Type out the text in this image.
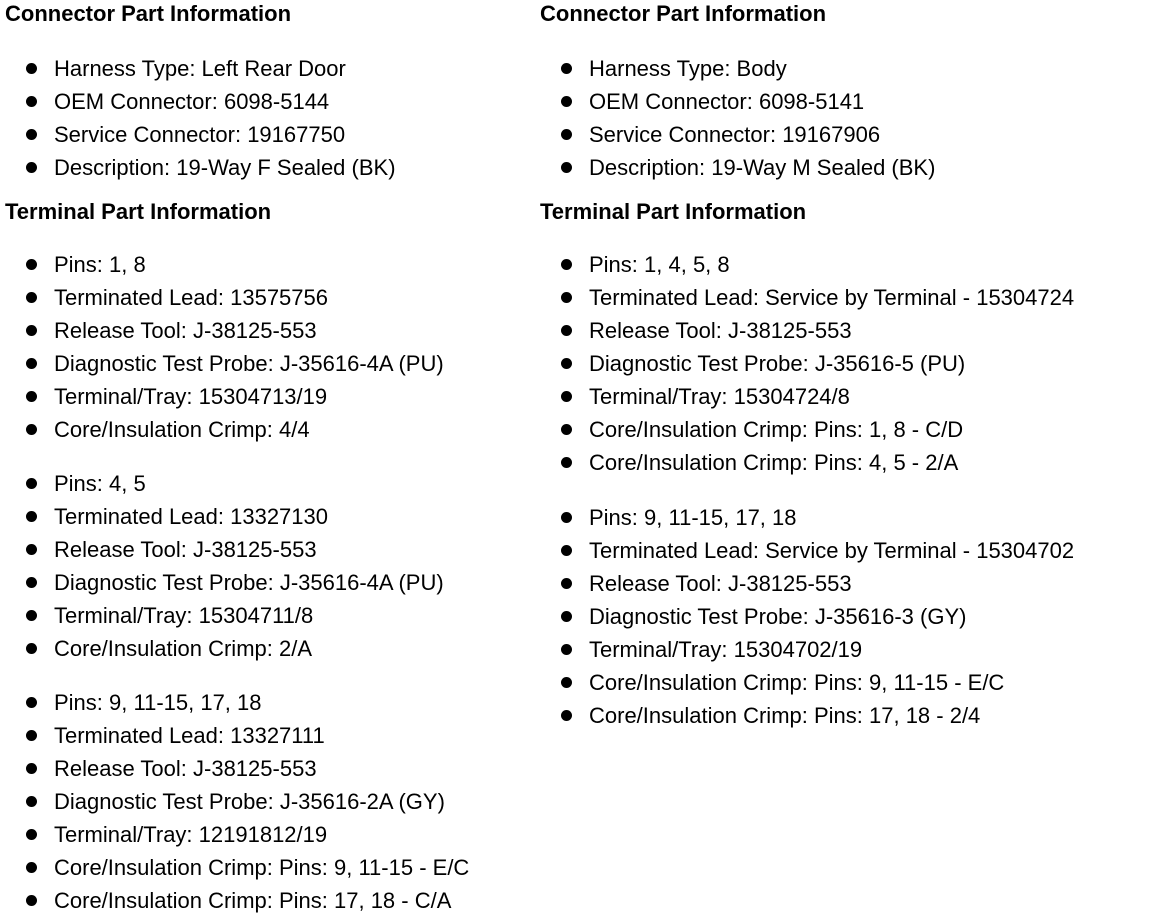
Connector Part Information
Harness Type: Left Rear Door
OEM Connector: 6098-5144
Service Connector: 19167750
Description: 19-Way F Sealed (BK)
Terminal Part Information
Pins: 1, 8
Terminated Lead: 13575756
Release Tool: J-38125-553
Diagnostic Test Probe: J-35616-4A (PU)
Terminal/Tray: 15304713/19
Core/Insulation Crimp: 4/4
Pins: 4, 5
Terminated Lead: 13327130
Release Tool: J-38125-553
Diagnostic Test Probe: J-35616-4A (PU)
Terminal/Tray: 15304711/8
Core/Insulation Crimp: 2/A
Pins: 9, 11-15, 17, 18
Terminated Lead: 13327111
Release Tool: J-38125-553
Diagnostic Test Probe: J-35616-2A (GY)
Terminal/Tray: 12191812/19
Core/Insulation Crimp: Pins: 9, 11-15 - E/C
Core/Insulation Crimp: Pins: 17, 18 - C/A
Connector Part Information
Harness Type: Body
OEM Connector: 6098-5141
Service Connector: 19167906
Description: 19-Way M Sealed (BK)
Terminal Part Information
Pins: 1, 4, 5, 8
Terminated Lead: Service by Terminal - 15304724
Release Tool: J-38125-553
Diagnostic Test Probe: J-35616-5 (PU)
Terminal/Tray: 15304724/8
Core/Insulation Crimp: Pins: 1, 8 - C/D
Core/Insulation Crimp: Pins: 4, 5 - 2/A
Pins: 9, 11-15, 17, 18
Terminated Lead: Service by Terminal - 15304702
Release Tool: J-38125-553
Diagnostic Test Probe: J-35616-3 (GY)
Terminal/Tray: 15304702/19
Core/Insulation Crimp: Pins: 9, 11-15 - E/C
Core/Insulation Crimp: Pins: 17, 18 - 2/4
